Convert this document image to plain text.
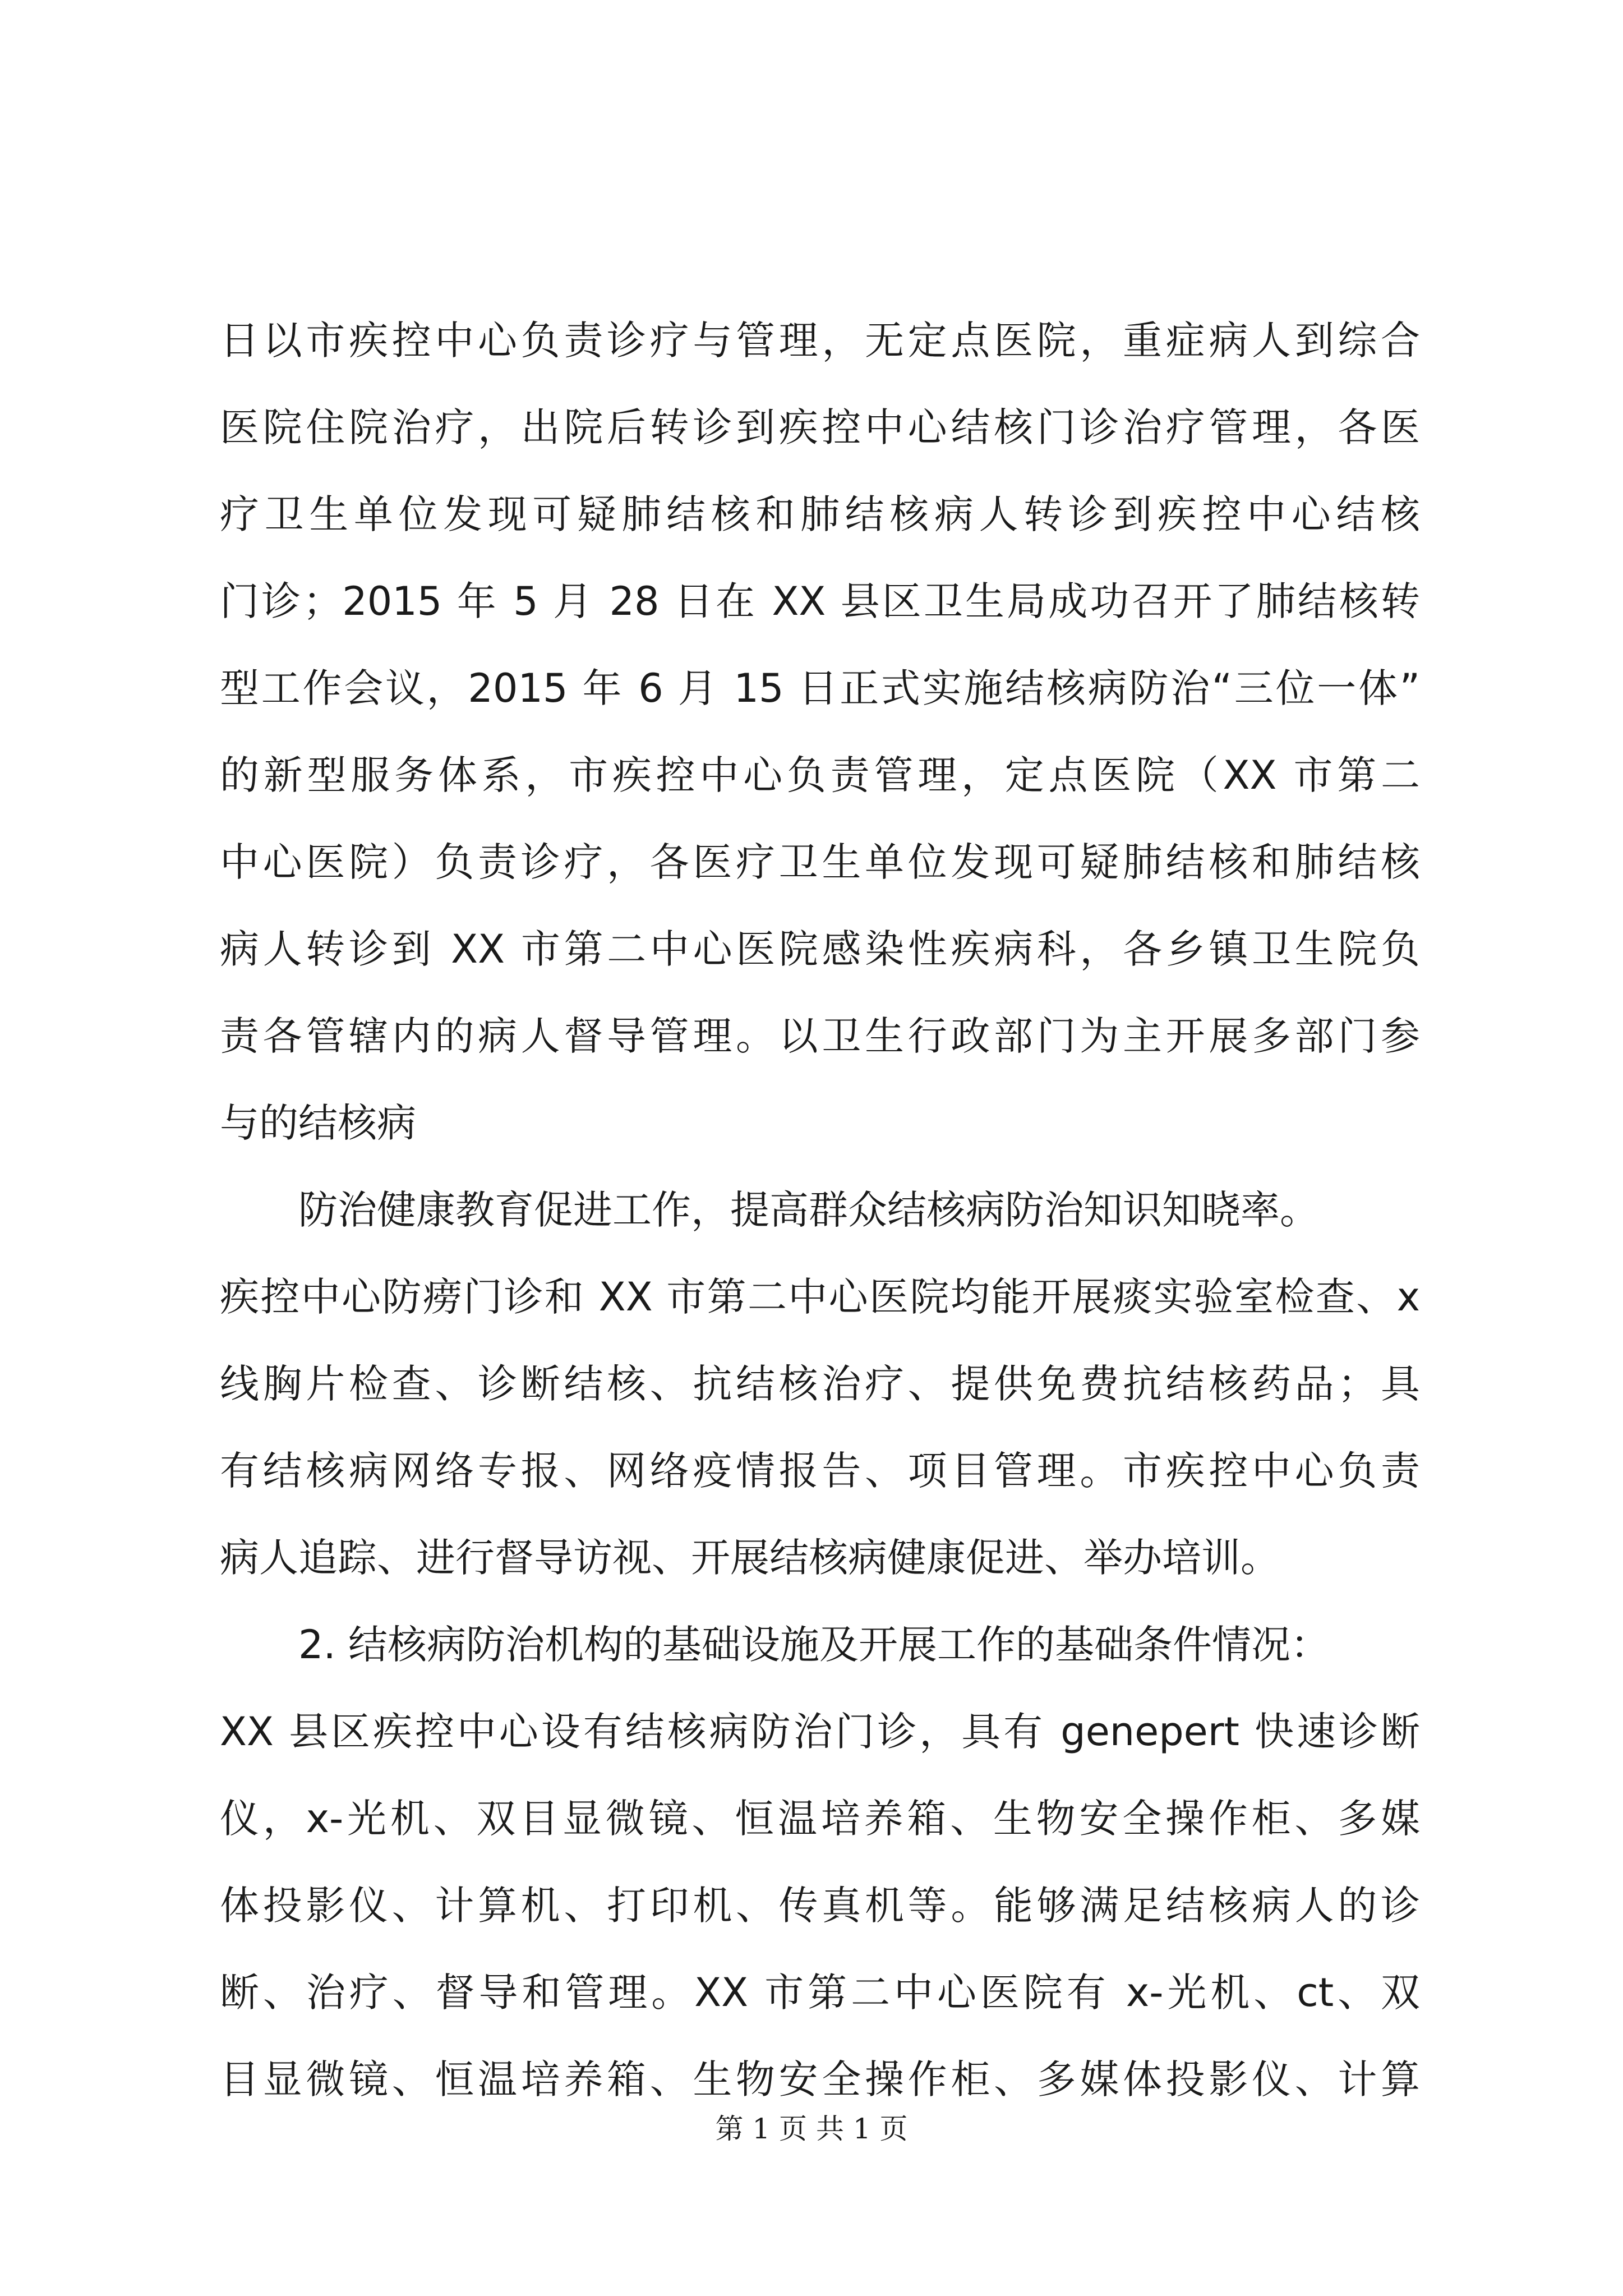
日以市疾控中心负责诊疗与管理，无定点医院，重症病人到综合
医院住院治疗，出院后转诊到疾控中心结核门诊治疗管理，各医
疗卫生单位发现可疑肺结核和肺结核病人转诊到疾控中心结核
门诊；2015 年 5 月 28 日在 XX 县区卫生局成功召开了肺结核转
型工作会议，2015 年 6 月 15 日正式实施结核病防治“三位一体”
的新型服务体系，市疾控中心负责管理，定点医院（XX 市第二
中心医院）负责诊疗，各医疗卫生单位发现可疑肺结核和肺结核
病人转诊到 XX 市第二中心医院感染性疾病科，各乡镇卫生院负
责各管辖内的病人督导管理。以卫生行政部门为主开展多部门参
与的结核病
防治健康教育促进工作，提高群众结核病防治知识知晓率。
疾控中心防痨门诊和 XX 市第二中心医院均能开展痰实验室检查、x
线胸片检查、诊断结核、抗结核治疗、提供免费抗结核药品；具
有结核病网络专报、网络疫情报告、项目管理。市疾控中心负责
病人追踪、进行督导访视、开展结核病健康促进、举办培训。
2. 结核病防治机构的基础设施及开展工作的基础条件情况：
XX 县区疾控中心设有结核病防治门诊，具有 genepert 快速诊断
仪，x-光机、双目显微镜、恒温培养箱、生物安全操作柜、多媒
体投影仪、计算机、打印机、传真机等。能够满足结核病人的诊
断、治疗、督导和管理。XX 市第二中心医院有 x-光机、ct、双
目显微镜、恒温培养箱、生物安全操作柜、多媒体投影仪、计算
第 1 页 共 1 页
